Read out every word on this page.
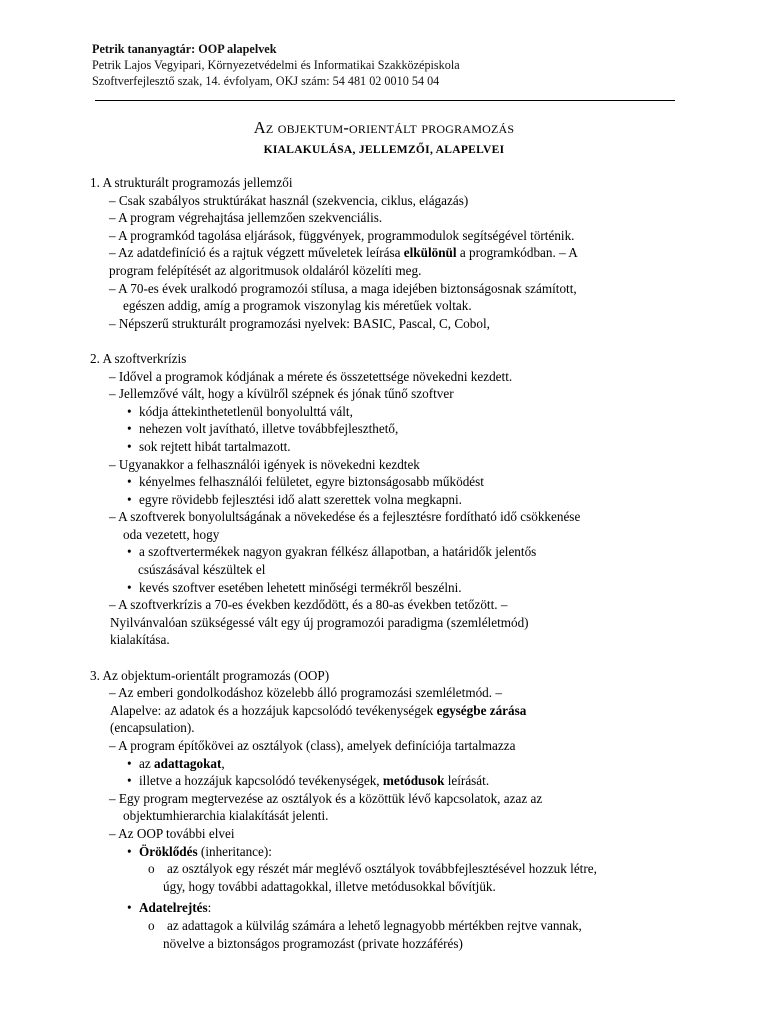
Petrik tananyagtár: OOP alapelvek
Petrik Lajos Vegyipari, Környezetvédelmi és Informatikai Szakközépiskola
Szoftverfejlesztő szak, 14. évfolyam, OKJ szám: 54 481 02 0010 54 04
Az objektum-orientált programozás
KIALAKULÁSA, JELLEMZŐI, ALAPELVEI
1. A strukturált programozás jellemzői
– Csak szabályos struktúrákat használ (szekvencia, ciklus, elágazás)
– A program végrehajtása jellemzően szekvenciális.
– A programkód tagolása eljárások, függvények, programmodulok segítségével történik.
– Az adatdefiníció és a rajtuk végzett műveletek leírása elkülönül a programkódban. – A
program felépítését az algoritmusok oldaláról közelíti meg.
– A 70-es évek uralkodó programozói stílusa, a maga idejében biztonságosnak számított,
egészen addig, amíg a programok viszonylag kis méretűek voltak.
– Népszerű strukturált programozási nyelvek: BASIC, Pascal, C, Cobol,
2. A szoftverkrízis
– Idővel a programok kódjának a mérete és összetettsége növekedni kezdett.
– Jellemzővé vált, hogy a kívülről szépnek és jónak tűnő szoftver
• kódja áttekinthetetlenül bonyolulttá vált,
• nehezen volt javítható, illetve továbbfejleszthető,
• sok rejtett hibát tartalmazott.
– Ugyanakkor a felhasználói igények is növekedni kezdtek
• kényelmes felhasználói felületet, egyre biztonságosabb működést
• egyre rövidebb fejlesztési idő alatt szerettek volna megkapni.
– A szoftverek bonyolultságának a növekedése és a fejlesztésre fordítható idő csökkenése
oda vezetett, hogy
• a szoftvertermékek nagyon gyakran félkész állapotban, a határidők jelentős
csúszásával készültek el
• kevés szoftver esetében lehetett minőségi termékről beszélni.
– A szoftverkrízis a 70-es években kezdődött, és a 80-as években tetőzött. –
Nyilvánvalóan szükségessé vált egy új programozói paradigma (szemléletmód)
kialakítása.
3. Az objektum-orientált programozás (OOP)
– Az emberi gondolkodáshoz közelebb álló programozási szemléletmód. –
Alapelve: az adatok és a hozzájuk kapcsolódó tevékenységek egységbe zárása
(encapsulation).
– A program építőkövei az osztályok (class), amelyek definíciója tartalmazza
• az adattagokat,
• illetve a hozzájuk kapcsolódó tevékenységek, metódusok leírását.
– Egy program megtervezése az osztályok és a közöttük lévő kapcsolatok, azaz az
objektumhierarchia kialakítását jelenti.
– Az OOP további elvei
• Öröklődés (inheritance):
o az osztályok egy részét már meglévő osztályok továbbfejlesztésével hozzuk létre,
úgy, hogy további adattagokkal, illetve metódusokkal bővítjük.
• Adatelrejtés:
o az adattagok a külvilág számára a lehető legnagyobb mértékben rejtve vannak,
növelve a biztonságos programozást (private hozzáférés)
